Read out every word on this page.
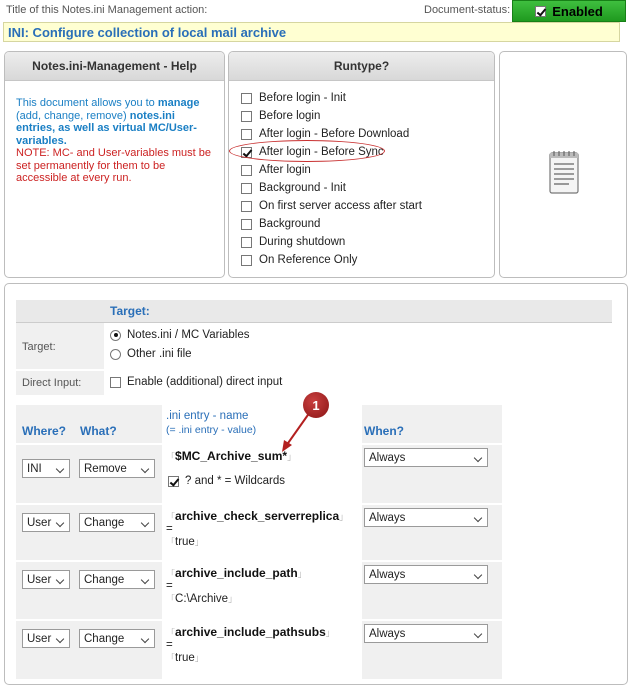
Title of this Notes.ini Management action:	Document-status:	Enabled
INI: Configure collection of local mail archive
Notes.ini-Management - Help
This document allows you to manage
(add, change, remove) notes.ini
entries, as well as virtual MC/User-variables.
NOTE: MC- and User-variables must be set permanently for them to be accessible at every run.
Runtype?
Before login - Init
Before login
After login - Before Download
After login - Before Sync
After login
Background - Init
On first server access after start
Background
During shutdown
On Reference Only
Target:
Target:
Notes.ini / MC Variables
Other .ini file
Direct Input:	Enable (additional) direct input
Where? What?
.ini entry - name
(= .ini entry - value)	When?
INI	Remove
「$MC_Archive_sum*」
? and * = Wildcards
Always
User	Change	「archive_check_serverreplica」
=
「true」
Always
User	Change	「archive_include_path」
=
「C:\Archive」
Always
User	Change	「archive_include_pathsubs」
=
「true」
Always
1
